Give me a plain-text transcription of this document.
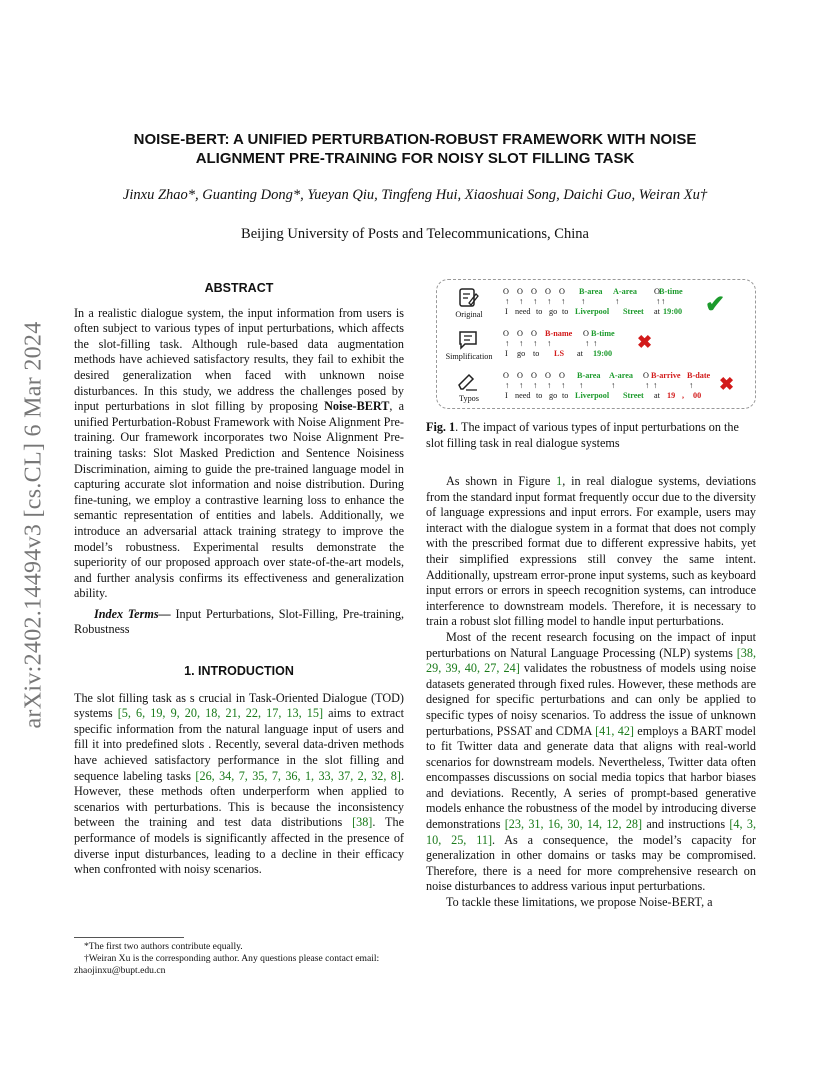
arXiv:2402.14494v3 [cs.CL] 6 Mar 2024
NOISE-BERT: A UNIFIED PERTURBATION-ROBUST FRAMEWORK WITH NOISE
ALIGNMENT PRE-TRAINING FOR NOISY SLOT FILLING TASK
Jinxu Zhao*, Guanting Dong*, Yueyan Qiu, Tingfeng Hui, Xiaoshuai Song, Daichi Guo, Weiran Xu†
Beijing University of Posts and Telecommunications, China
ABSTRACT

In a realistic dialogue system, the input information from users is often subject to various types of input perturbations, which affects the slot-filling task. Although rule-based data augmentation methods have achieved satisfactory results, they fail to exhibit the desired generalization when faced with unknown noise disturbances. In this study, we address the challenges posed by input perturbations in slot filling by proposing Noise-BERT, a unified Perturbation-Robust Framework with Noise Alignment Pre-training. Our framework incorporates two Noise Alignment Pre-training tasks: Slot Masked Prediction and Sentence Noisiness Discrimination, aiming to guide the pre-trained language model in capturing accurate slot information and noise distribution. During fine-tuning, we employ a contrastive learning loss to enhance the semantic representation of entities and labels. Additionally, we introduce an adversarial attack training strategy to improve the model’s robustness. Experimental results demonstrate the superiority of our proposed approach over state-of-the-art models, and further analysis confirms its effectiveness and generalization ability.

Index Terms— Input Perturbations, Slot-Filling, Pre-training, Robustness

1. INTRODUCTION

The slot filling task as s crucial in Task-Oriented Dialogue (TOD) systems [5, 6, 19, 9, 20, 18, 21, 22, 17, 13, 15] aims to extract specific information from the natural language input of users and fill it into predefined slots . Recently, several data-driven methods have achieved satisfactory performance in the slot filling and sequence labeling tasks [26, 34, 7, 35, 7, 36, 1, 33, 37, 2, 32, 8]. However, these methods often underperform when applied to scenarios with perturbations. This is because the inconsistency between the training and test data distributions [38]. The performance of models is significantly affected in the presence of diverse input disturbances, leading to a decline in their efficacy when confronted with noisy scenarios.

*The first two authors contribute equally.
†Weiran Xu is the corresponding author. Any questions please contact email: zhaojinxu@bupt.edu.cn
Original
O
↑
O
↑
O
↑
O
↑
O
↑
B-area
↑
A-area
↑
O
↑
B-time
↑
I need to go to Liverpool Street at 19:00 ✔
Simplification
O
↑
O
↑
O
↑
B-name
↑
O
↑
B-time
↑
I go to LS at 19:00
✖
Typos
O
↑
O
↑
O
↑
O
↑
O
↑
B-area
↑
A-area
↑
O
↑
B-arrive
↑
B-date
↑
I need to go to Liverpool Street at 19 , 00
✖
Fig. 1. The impact of various types of input perturbations on the slot filling task in real dialogue systems

As shown in Figure 1, in real dialogue systems, deviations from the standard input format frequently occur due to the diversity of language expressions and input errors. For example, users may interact with the dialogue system in a format that does not comply with the prescribed format due to different expressive habits, yet their simplified expressions still convey the same intent. Additionally, upstream error-prone input systems, such as keyboard input errors or errors in speech recognition systems, can introduce interference to downstream models. Therefore, it is necessary to train a robust slot filling model to handle input perturbations.

Most of the recent research focusing on the impact of input perturbations on Natural Language Processing (NLP) systems [38, 29, 39, 40, 27, 24] validates the robustness of models using noise datasets generated through fixed rules. However, these methods are designed for specific perturbations and can only be applied to specific types of noisy scenarios. To address the issue of unknown perturbations, PSSAT and CDMA [41, 42] employs a BART model to fit Twitter data and generate data that aligns with real-world scenarios for downstream models. Nevertheless, Twitter data often encompasses discussions on social media topics that harbor biases and deviations. Recently, A series of prompt-based generative models enhance the robustness of the model by introducing diverse demonstrations [23, 31, 16, 30, 14, 12, 28] and instructions [4, 3, 10, 25, 11]. As a consequence, the model’s capacity for generalization in other domains or tasks may be compromised. Therefore, there is a need for more comprehensive research on noise disturbances to address various input perturbations.

To tackle these limitations, we propose Noise-BERT, a
